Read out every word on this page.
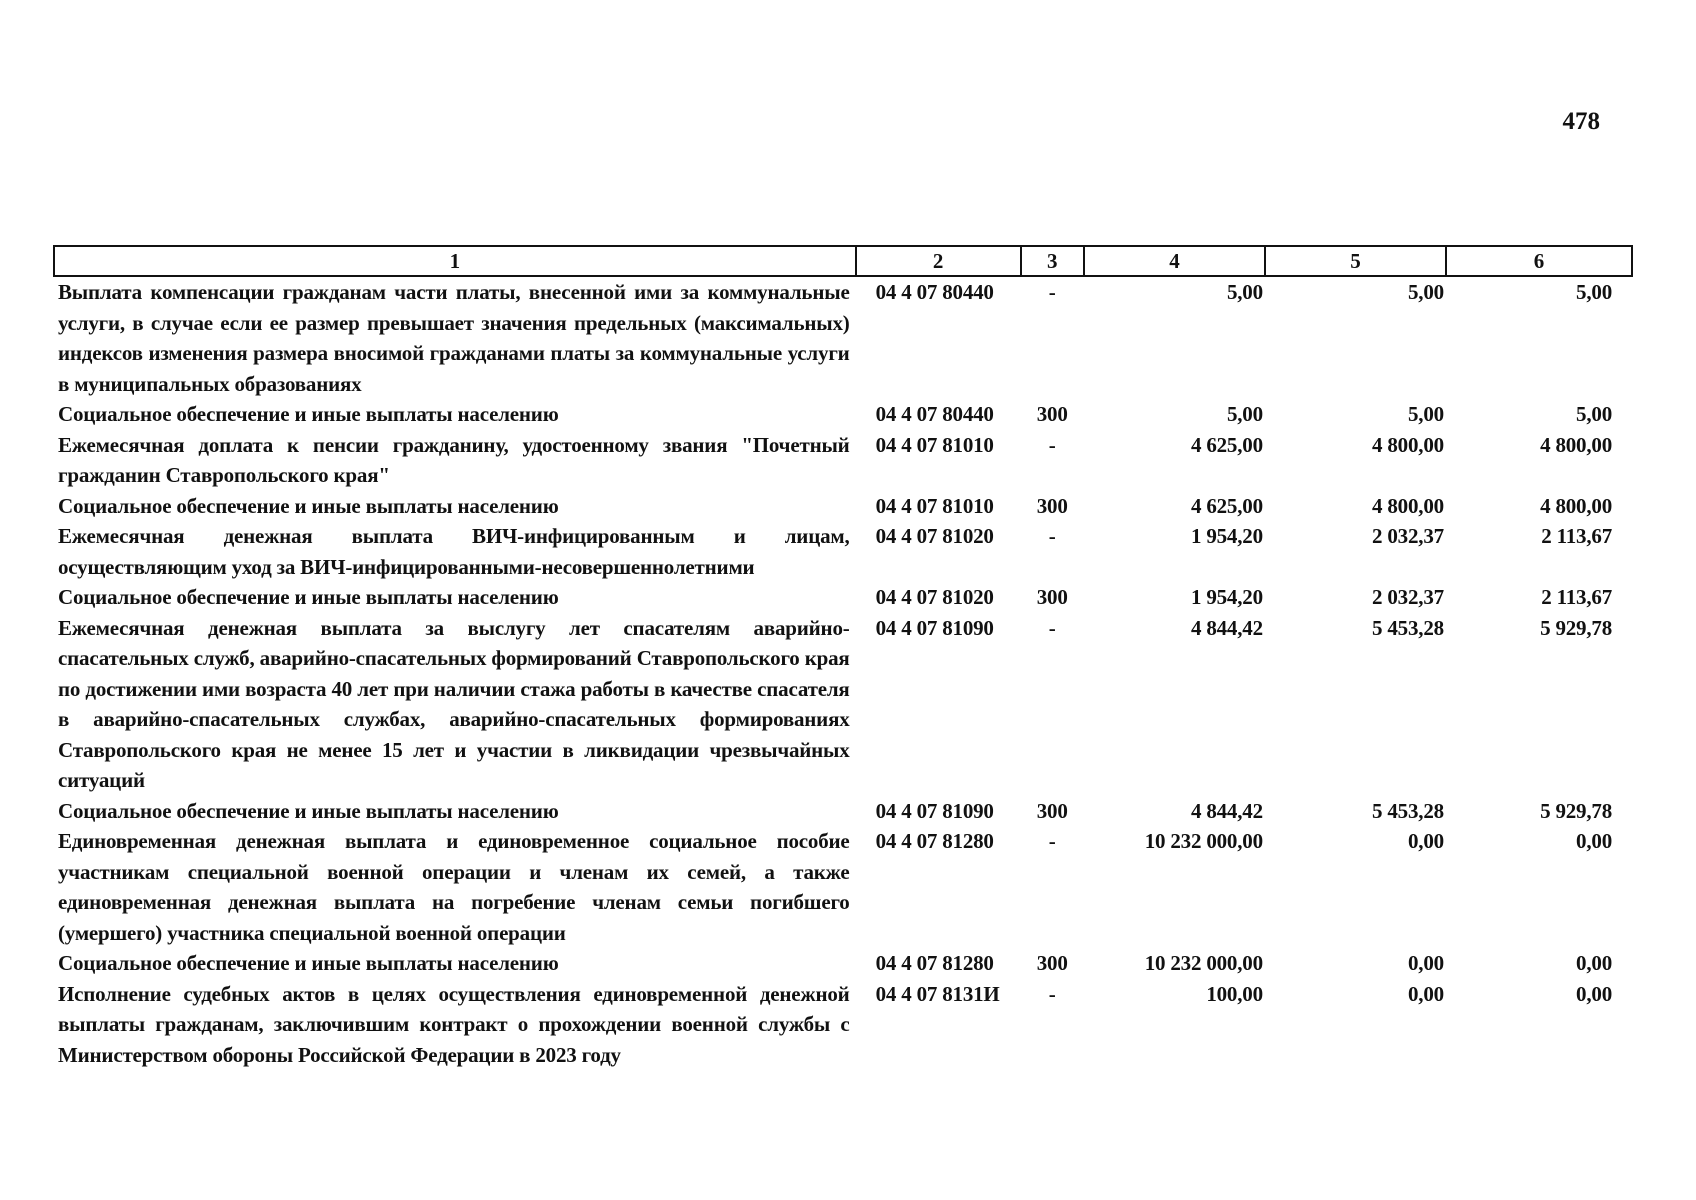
478
1	2	3	4	5	6
Выплата компенсации гражданам части платы, внесенной ими за коммунальные услуги, в случае если ее размер превышает значения предельных (максимальных) индексов изменения размера вносимой гражданами платы за коммунальные услуги в муниципальных образованиях	04 4 07 80440	-	5,00	5,00	5,00
Социальное обеспечение и иные выплаты населению	04 4 07 80440	300	5,00	5,00	5,00
Ежемесячная доплата к пенсии гражданину, удостоенному звания "Почетный гражданин Ставропольского края"	04 4 07 81010	-	4 625,00	4 800,00	4 800,00
Социальное обеспечение и иные выплаты населению	04 4 07 81010	300	4 625,00	4 800,00	4 800,00
Ежемесячная денежная выплата ВИЧ-инфицированным и лицам, осуществляющим уход за ВИЧ-инфицированными-несовершеннолетними	04 4 07 81020	-	1 954,20	2 032,37	2 113,67
Социальное обеспечение и иные выплаты населению	04 4 07 81020	300	1 954,20	2 032,37	2 113,67
Ежемесячная денежная выплата за выслугу лет спасателям аварийно-спасательных служб, аварийно-спасательных формирований Ставропольского края по достижении ими возраста 40 лет при наличии стажа работы в качестве спасателя в аварийно-спасательных службах, аварийно-спасательных формированиях Ставропольского края не менее 15 лет и участии в ликвидации чрезвычайных ситуаций	04 4 07 81090	-	4 844,42	5 453,28	5 929,78
Социальное обеспечение и иные выплаты населению	04 4 07 81090	300	4 844,42	5 453,28	5 929,78
Единовременная денежная выплата и единовременное социальное пособие участникам специальной военной операции и членам их семей, а также единовременная денежная выплата на погребение членам семьи погибшего (умершего) участника специальной военной операции	04 4 07 81280	-	10 232 000,00	0,00	0,00
Социальное обеспечение и иные выплаты населению	04 4 07 81280	300	10 232 000,00	0,00	0,00
Исполнение судебных актов в целях осуществления единовременной денежной выплаты гражданам, заключившим контракт о прохождении военной службы с Министерством обороны Российской Федерации в 2023 году	04 4 07 8131И	-	100,00	0,00	0,00
